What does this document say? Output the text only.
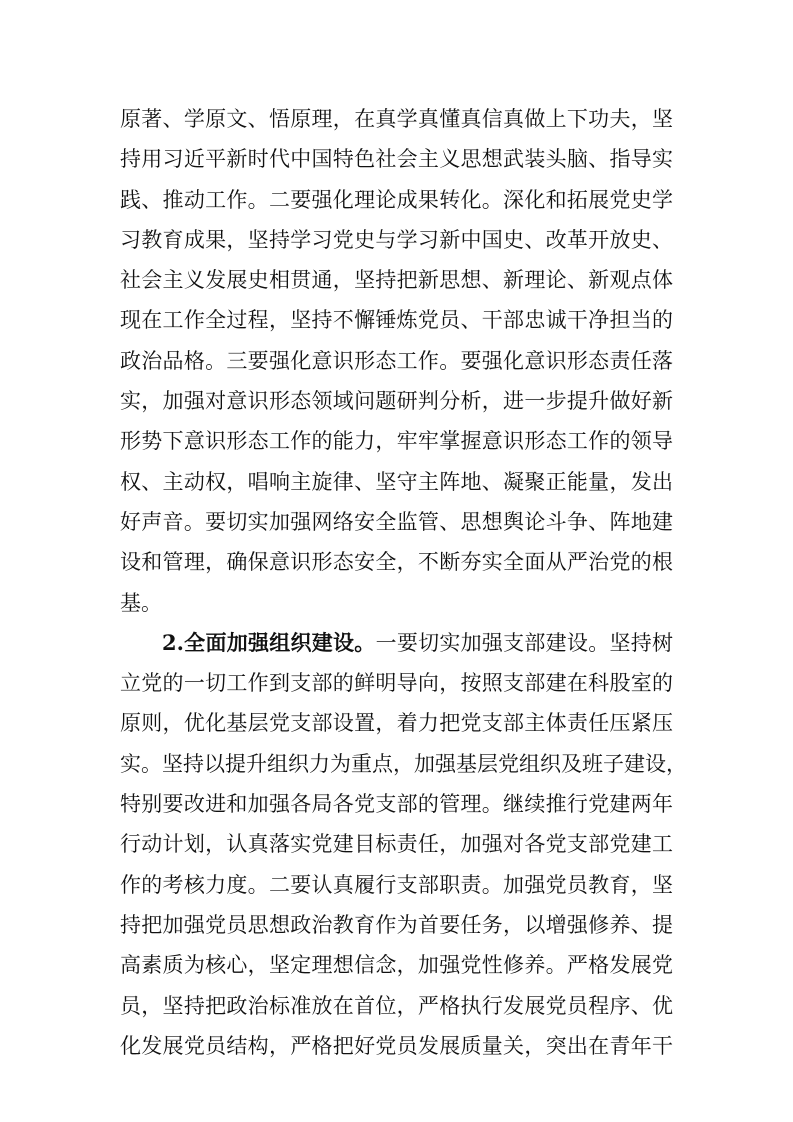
原著、学原文、悟原理，在真学真懂真信真做上下功夫，坚
持用习近平新时代中国特色社会主义思想武装头脑、指导实
践、推动工作。二要强化理论成果转化。深化和拓展党史学
习教育成果，坚持学习党史与学习新中国史、改革开放史、
社会主义发展史相贯通，坚持把新思想、新理论、新观点体
现在工作全过程，坚持不懈锤炼党员、干部忠诚干净担当的
政治品格。三要强化意识形态工作。要强化意识形态责任落
实，加强对意识形态领域问题研判分析，进一步提升做好新
形势下意识形态工作的能力，牢牢掌握意识形态工作的领导
权、主动权，唱响主旋律、坚守主阵地、凝聚正能量，发出
好声音。要切实加强网络安全监管、思想舆论斗争、阵地建
设和管理，确保意识形态安全，不断夯实全面从严治党的根
基。
2.全面加强组织建设。一要切实加强支部建设。坚持树
立党的一切工作到支部的鲜明导向，按照支部建在科股室的
原则，优化基层党支部设置，着力把党支部主体责任压紧压
实。坚持以提升组织力为重点，加强基层党组织及班子建设，
特别要改进和加强各局各党支部的管理。继续推行党建两年
行动计划，认真落实党建目标责任，加强对各党支部党建工
作的考核力度。二要认真履行支部职责。加强党员教育，坚
持把加强党员思想政治教育作为首要任务，以增强修养、提
高素质为核心，坚定理想信念，加强党性修养。严格发展党
员，坚持把政治标准放在首位，严格执行发展党员程序、优
化发展党员结构，严格把好党员发展质量关，突出在青年干
